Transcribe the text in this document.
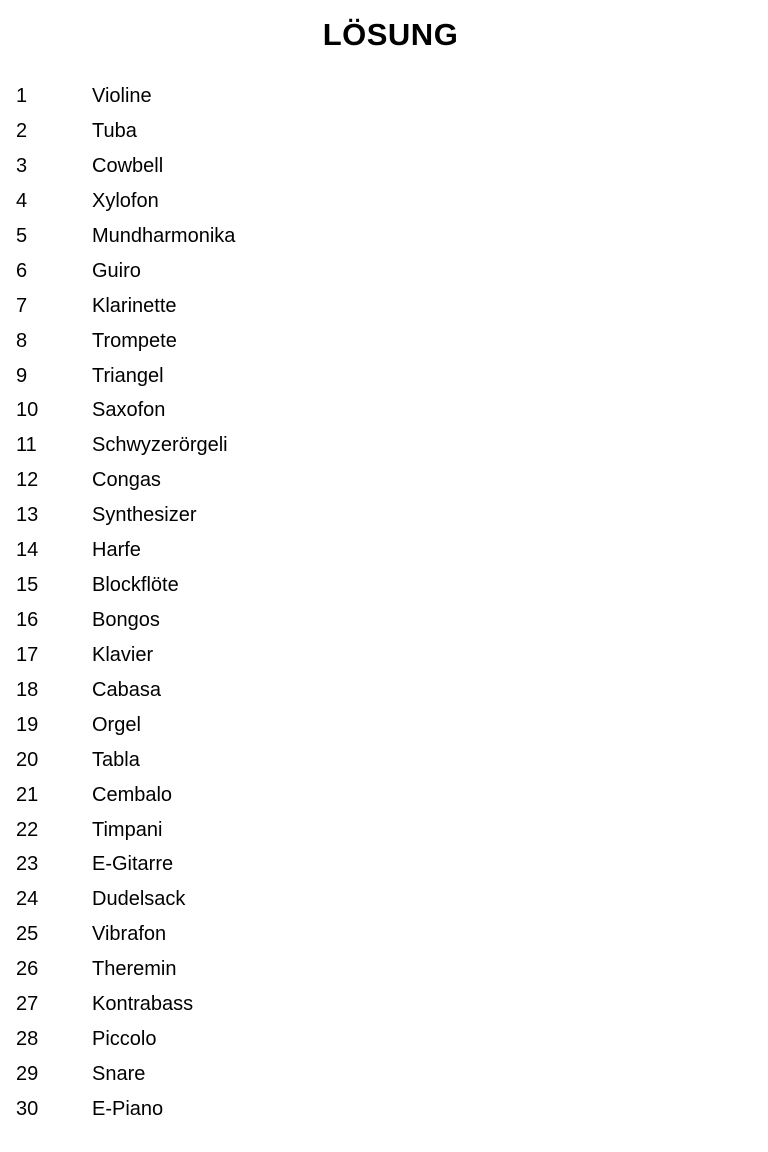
LÖSUNG
1	Violine
2	Tuba
3	Cowbell
4	Xylofon
5	Mundharmonika
6	Guiro
7	Klarinette
8	Trompete
9	Triangel
10	Saxofon
11	Schwyzerörgeli
12	Congas
13	Synthesizer
14	Harfe
15	Blockflöte
16	Bongos
17	Klavier
18	Cabasa
19	Orgel
20	Tabla
21	Cembalo
22	Timpani
23	E-Gitarre
24	Dudelsack
25	Vibrafon
26	Theremin
27	Kontrabass
28	Piccolo
29	Snare
30	E-Piano
